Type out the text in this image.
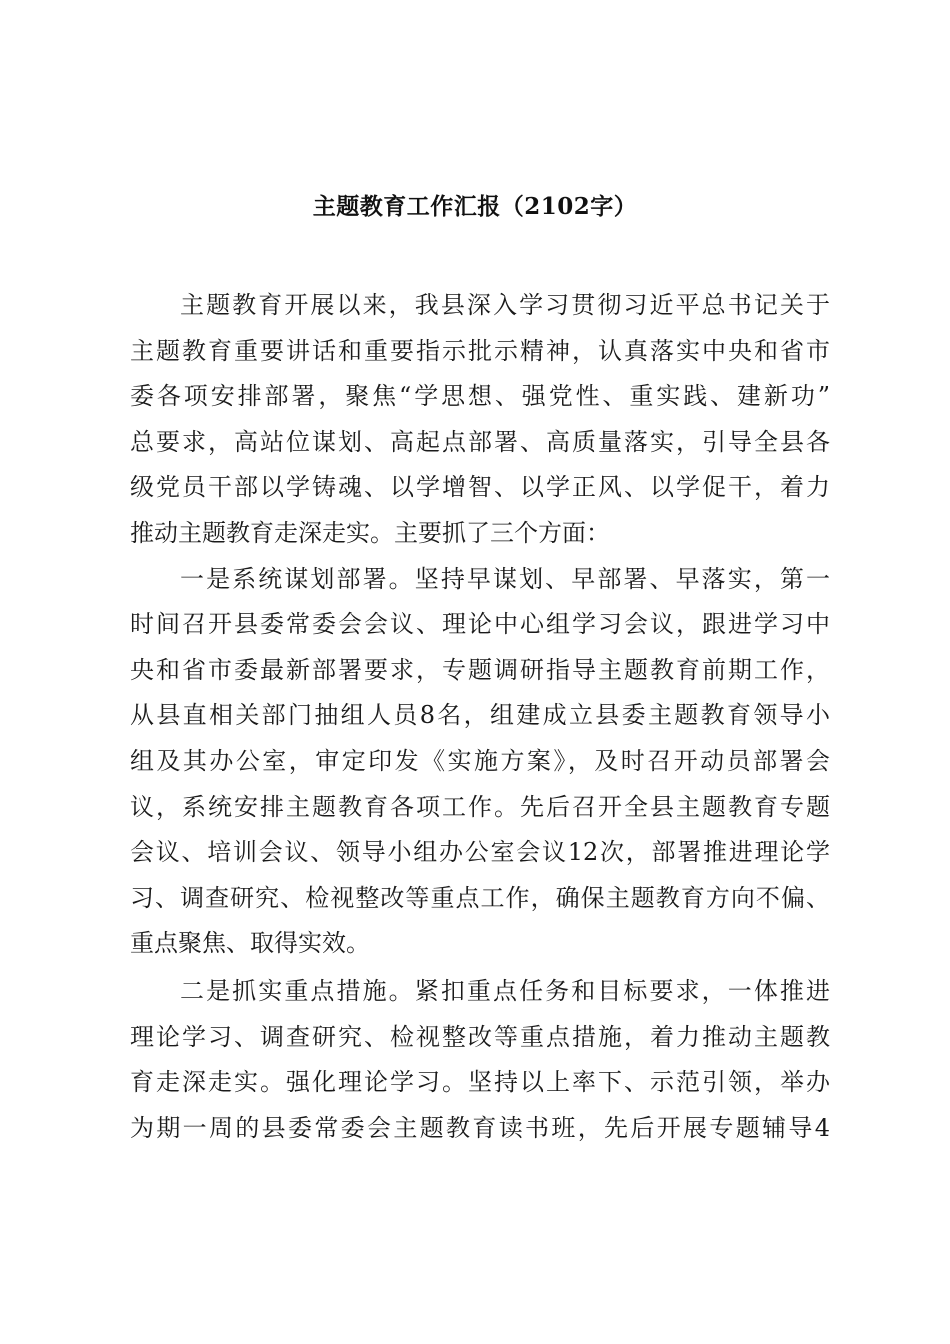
主题教育工作汇报（2102字）
主题教育开展以来，我县深入学习贯彻习近平总书记关于
主题教育重要讲话和重要指示批示精神，认真落实中央和省市
委各项安排部署，聚焦“学思想、强党性、重实践、建新功”
总要求，高站位谋划、高起点部署、高质量落实，引导全县各
级党员干部以学铸魂、以学增智、以学正风、以学促干，着力
推动主题教育走深走实。主要抓了三个方面：
一是系统谋划部署。坚持早谋划、早部署、早落实，第一
时间召开县委常委会会议、理论中心组学习会议，跟进学习中
央和省市委最新部署要求，专题调研指导主题教育前期工作，
从县直相关部门抽组人员8名，组建成立县委主题教育领导小
组及其办公室，审定印发《实施方案》，及时召开动员部署会
议，系统安排主题教育各项工作。先后召开全县主题教育专题
会议、培训会议、领导小组办公室会议12次，部署推进理论学
习、调查研究、检视整改等重点工作，确保主题教育方向不偏、
重点聚焦、取得实效。
二是抓实重点措施。紧扣重点任务和目标要求，一体推进
理论学习、调查研究、检视整改等重点措施，着力推动主题教
育走深走实。强化理论学习。坚持以上率下、示范引领，举办
为期一周的县委常委会主题教育读书班，先后开展专题辅导4
